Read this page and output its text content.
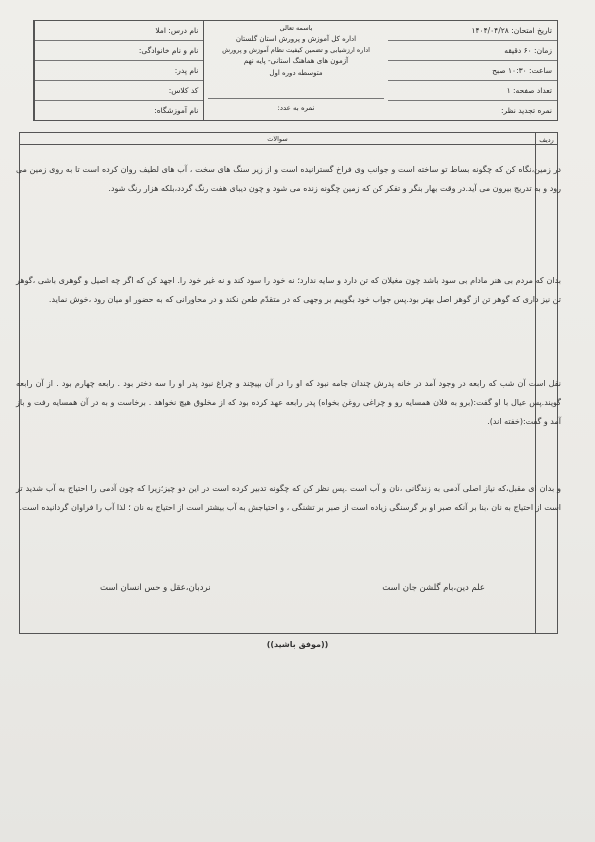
نام درس: املا
نام و نام خانوادگی:
نام پدر:
کد کلاس:
نام آموزشگاه:
باسمه تعالی
اداره کل آموزش و پرورش استان گلستان
اداره ارزشیابی و تضمین کیفیت نظام آموزش و پرورش
آزمون های هماهنگ استانی- پایه نهم
متوسطه دوره اول
نمره به عدد:
تاریخ امتحان: ۱۴۰۴/۰۴/۲۸
زمان: ۶۰ دقیقه
ساعت: ۱۰:۳۰ صبح
تعداد صفحه: ۱
نمره تجدید نظر:
ردیف
سوالات
در زمین،نگاه کن که چگونه بساط تو ساخته است و جوانب وی فراخ گسترانیده است و از زیر سنگ های سخت ، آب های لطیف روان کرده است تا به روی زمین می رود و به تدریج بیرون می آید.در وقت بهار بنگر و تفکر کن که زمین چگونه زنده می شود و چون دیبای هفت رنگ گردد،بلکه هزار رنگ شود.
بدان که مردم بی هنر مادام بی سود باشد چون مغیلان که تن دارد و سایه ندارد؛ نه خود را سود کند و نه غیر خود را. اجهد کن که اگر چه اصیل و گوهری باشی ،گوهر تن نیز داری که گوهر تن از گوهر اصل بهتر بود.پس جواب خود بگوییم بر وجهی که در متقدّم طعن نکند و در محاورانی که به حضور او میان رود ،خوش نماید.
نقل است آن شب که رابعه در وجود آمد در خانه پدرش چندان جامه نبود که او را در آن بپیچند و چراغ نبود پدر او را سه دختر بود . رابعه چهارم بود . از آن رابعه گویند.پس عیال با او گفت:(برو به فلان همسایه رو و چراغی روغن بخواه) پدر رابعه عهد کرده بود که از مخلوق هیچ نخواهد . برخاست و به در آن همسایه رفت و باز آمد و گفت:(خفته اند).
و بدان ای مقبل،که نیاز اصلی آدمی به زندگانی ،نان و آب است .پس نظر کن که چگونه تدبیر کرده است در این دو چیز؛زیرا که چون آدمی را احتیاج به آب شدید تر است از احتیاج به نان ،بنا بر آنکه صبر او بر گرسنگی زیاده است از صبر بر تشنگی ، و احتیاجش به آب بیشتر است از احتیاج به نان ؛ لذا آب را فراوان گردانیده است.
علم دین،بام گلشن جان است
نردبان،عقل و حس انسان است
((موفق باشید))
